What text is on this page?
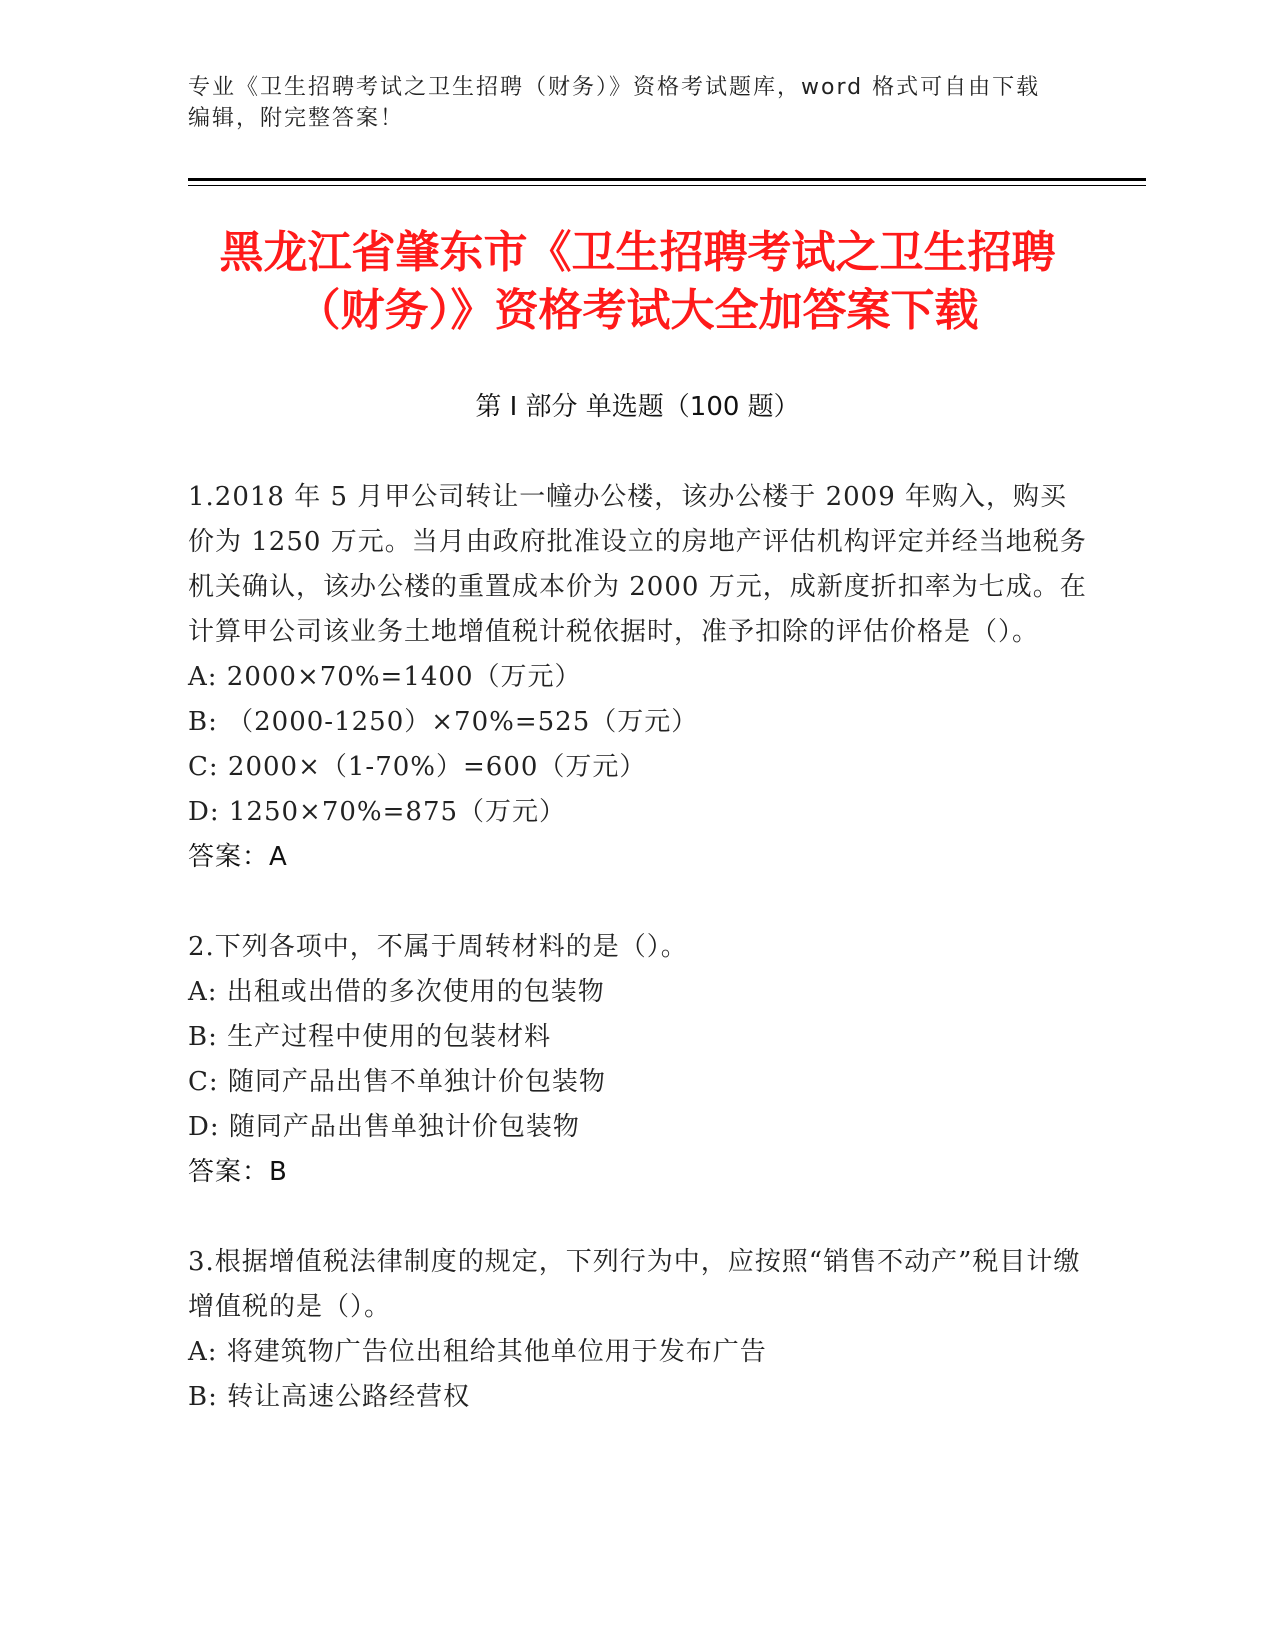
专业《卫生招聘考试之卫生招聘（财务）》资格考试题库，word 格式可自由下载
编辑，附完整答案！
黑龙江省肇东市《卫生招聘考试之卫生招聘
（财务）》资格考试大全加答案下载
第 I 部分 单选题（100 题）
1.2018 年 5 月甲公司转让一幢办公楼，该办公楼于 2009 年购入，购买价为 1250 万元。当月由政府批准设立的房地产评估机构评定并经当地税务机关确认，该办公楼的重置成本价为 2000 万元，成新度折扣率为七成。在计算甲公司该业务土地增值税计税依据时，准予扣除的评估价格是（）。
A: 2000×70%=1400（万元）
B: （2000-1250）×70%=525（万元）
C: 2000×（1-70%）=600（万元）
D: 1250×70%=875（万元）
答案：A
2.下列各项中，不属于周转材料的是（）。
A: 出租或出借的多次使用的包装物
B: 生产过程中使用的包装材料
C: 随同产品出售不单独计价包装物
D: 随同产品出售单独计价包装物
答案：B
3.根据增值税法律制度的规定，下列行为中，应按照“销售不动产”税目计缴增值税的是（）。
A: 将建筑物广告位出租给其他单位用于发布广告
B: 转让高速公路经营权
